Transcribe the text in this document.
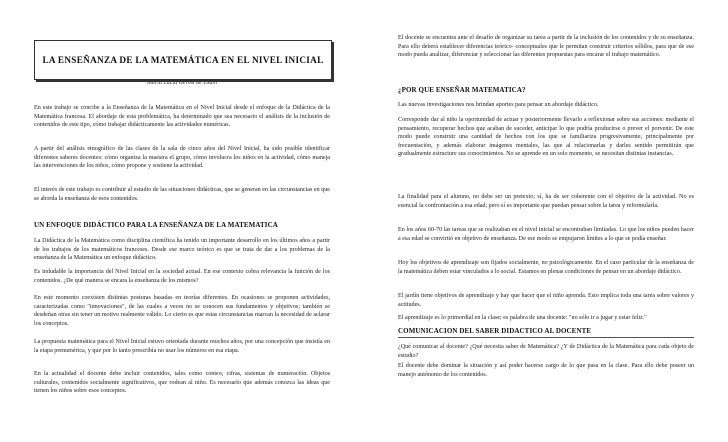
LA ENSEÑANZA DE LA MATEMÁTICA EN EL NIVEL INICIAL
María Lucía Gerosi de Esaın

En este trabajo se concibe a la Enseñanza de la Matemática en el Nivel Inicial desde el enfoque de la Didáctica de la Matemática francesa. El abordaje de esta problemática, ha determinado que sea necesario el análisis de la inclusión de contenidos de este tipo, cómo trabajar didácticamente las actividades numéricas.

A partir del análisis etnográfico de las clases de la sala de cinco años del Nivel Inicial, ha sido posible identificar diferentes saberes docentes: cómo organiza la maestra el grupo, cómo involucra los niños en la actividad, cómo maneja las intervenciones de los niños, cómo propone y sostiene la actividad.

El interés de este trabajo es contribuir al estudio de las situaciones didácticas, que se generan en las circunstancias en que se aborda la enseñanza de esos contenidos.

UN ENFOQUE DIDÁCTICO PARA LA ENSEÑANZA DE LA MATEMATICA

La Didáctica de la Matemática como disciplina científica ha tenido un importante desarrollo en los últimos años a partir de los trabajos de los matemáticos franceses. Desde ese marco teórico es que se trata de dar a los problemas de la enseñanza de la Matemática un enfoque didáctico.

Es indudable la importancia del Nivel Inicial en la sociedad actual. En ese contexto cobra relevancia la función de los contenidos. ¿De qué manera se encara la enseñanza de los mismos?

En este momento coexisten distintas posturas basadas en teorías diferentes. En ocasiones se proponen actividades, caracterizadas como "innovaciones", de las cuales a veces no se conocen sus fundamentos y objetivos; también se desdeñan otras sin tener un motivo realmente válido. Lo cierto es que estas circunstancias marcan la necesidad de aclarar los conceptos.

La propuesta matemática para el Nivel Inicial estuvo orientada durante muchos años, por una concepción que insistía en la etapa prenumérica, y que por lo tanto prescribía no usar los números en esa etapa.

En la actualidad el docente debe incluir contenidos, tales como conteo, cifras, sistemas de numeración. Objetos culturales, contenidos socialmente significativos, que rodean al niño. Es necesario que además conozca las ideas que tienen los niños sobre esos conceptos.

El docente se encuentra ante el desafío de organizar su tarea a partir de la inclusión de los contenidos y de su enseñanza. Para ello deberá establecer diferencias teórico- conceptuales que le permitan construir criterios sólidos, para que de ese modo pueda analizar, diferenciar y seleccionar las diferentes propuestas para encarar el trabajo matemático.

¿POR QUE ENSEÑAR MATEMATICA?

Las nuevas investigaciones nos brindan aportes para pensar un abordaje didáctico.

Corresponde dar al niño la oportunidad de actuar y posteriormente llevarlo a reflexionar sobre sus acciones: mediante el pensamiento, recuperar hechos que acaban de suceder, anticipar lo que podría producirse o prever el porvenir. De este modo puede construir una cantidad de hechos con los que se familiariza progresivamente, principalmente por frecuentación, y además elaborar imágenes mentales, las que al relacionarlas y darles sentido permitirán que gradualmente estructure sus conocimientos. No se aprende en un solo momento, se necesitan distintas instancias.

La finalidad para el alumno, no debe ser un pretexto; sí, ha de ser coherente con el objetivo de la actividad. No es esencial la confrontación a esa edad; pero sí es importante que puedan pensar sobre la tarea y reformularla.

En los años 60-70 las tareas que se realizaban en el nivel inicial se encontraban limitadas. Lo que los niños pueden hacer a esa edad se convirtió en objetivo de enseñanza. De ese modo se empujaron límites a lo que se podía enseñar.

Hoy los objetivos de aprendizaje son fijados socialmente, no psicológicamente. En el caso particular de la enseñanza de la matemática deben estar vinculados a lo social. Estamos en plenas condiciones de pensar en un abordaje didáctico.

El jardín tiene objetivos de aprendizaje y hay que hacer que el niño aprenda. Esto implica toda una tarea sobre valores y actitudes.

El aprendizaje es lo primordial en la clase; es palabra de una docente: "no sólo ir a jugar y estar feliz."

COMUNICACION DEL SABER DIDACTICO AL DOCENTE

¿Qué comunicar al docente? ¿Qué necesita saber de Matemática? ¿Y de Didáctica de la Matemática para cada objeto de estudio?

El docente debe dominar la situación y así poder hacerse cargo de lo que pasa en la clase. Para ello debe poseer un manejo autónomo de los contenidos.
